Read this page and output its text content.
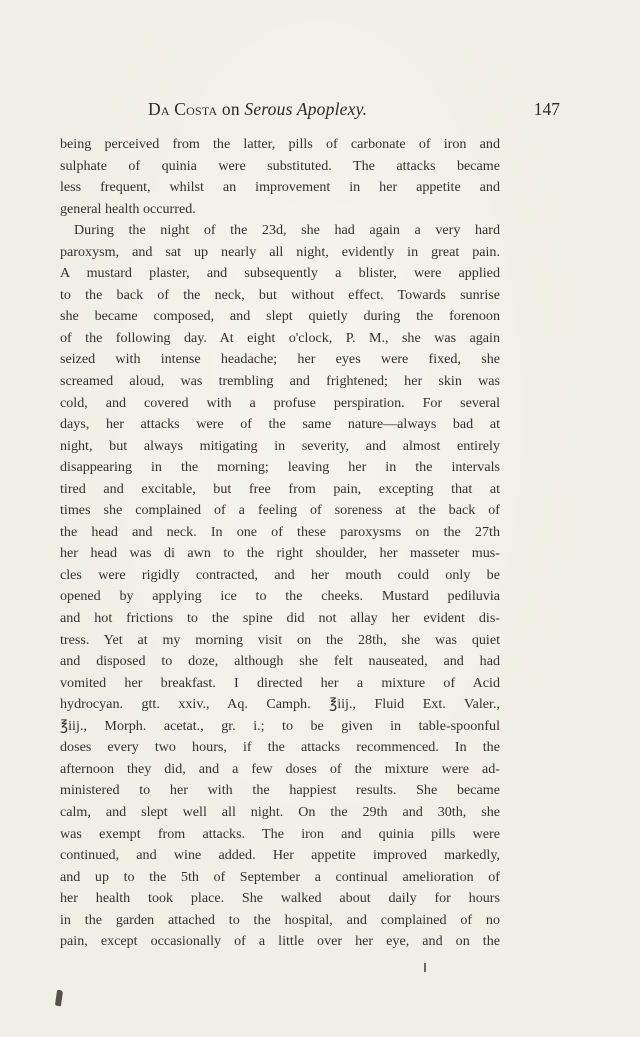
Da Costa on Serous Apoplexy.	147
being perceived from the latter, pills of carbonate of iron and
sulphate of quinia were substituted. The attacks became
less frequent, whilst an improvement in her appetite and
general health occurred.
During the night of the 23d, she had again a very hard
paroxysm, and sat up nearly all night, evidently in great pain.
A mustard plaster, and subsequently a blister, were applied
to the back of the neck, but without effect. Towards sunrise
she became composed, and slept quietly during the forenoon
of the following day. At eight o'clock, P. M., she was again
seized with intense headache; her eyes were fixed, she
screamed aloud, was trembling and frightened; her skin was
cold, and covered with a profuse perspiration. For several
days, her attacks were of the same nature—always bad at
night, but always mitigating in severity, and almost entirely
disappearing in the morning; leaving her in the intervals
tired and excitable, but free from pain, excepting that at
times she complained of a feeling of soreness at the back of
the head and neck. In one of these paroxysms on the 27th
her head was di awn to the right shoulder, her masseter mus-
cles were rigidly contracted, and her mouth could only be
opened by applying ice to the cheeks. Mustard pediluvia
and hot frictions to the spine did not allay her evident dis-
tress. Yet at my morning visit on the 28th, she was quiet
and disposed to doze, although she felt nauseated, and had
vomited her breakfast. I directed her a mixture of Acid
hydrocyan. gtt. xxiv., Aq. Camph. ℥iij., Fluid Ext. Valer.,
℥iij., Morph. acetat., gr. i.; to be given in table-spoonful
doses every two hours, if the attacks recommenced. In the
afternoon they did, and a few doses of the mixture were ad-
ministered to her with the happiest results. She became
calm, and slept well all night. On the 29th and 30th, she
was exempt from attacks. The iron and quinia pills were
continued, and wine added. Her appetite improved markedly,
and up to the 5th of September a continual amelioration of
her health took place. She walked about daily for hours
in the garden attached to the hospital, and complained of no
pain, except occasionally of a little over her eye, and on the
